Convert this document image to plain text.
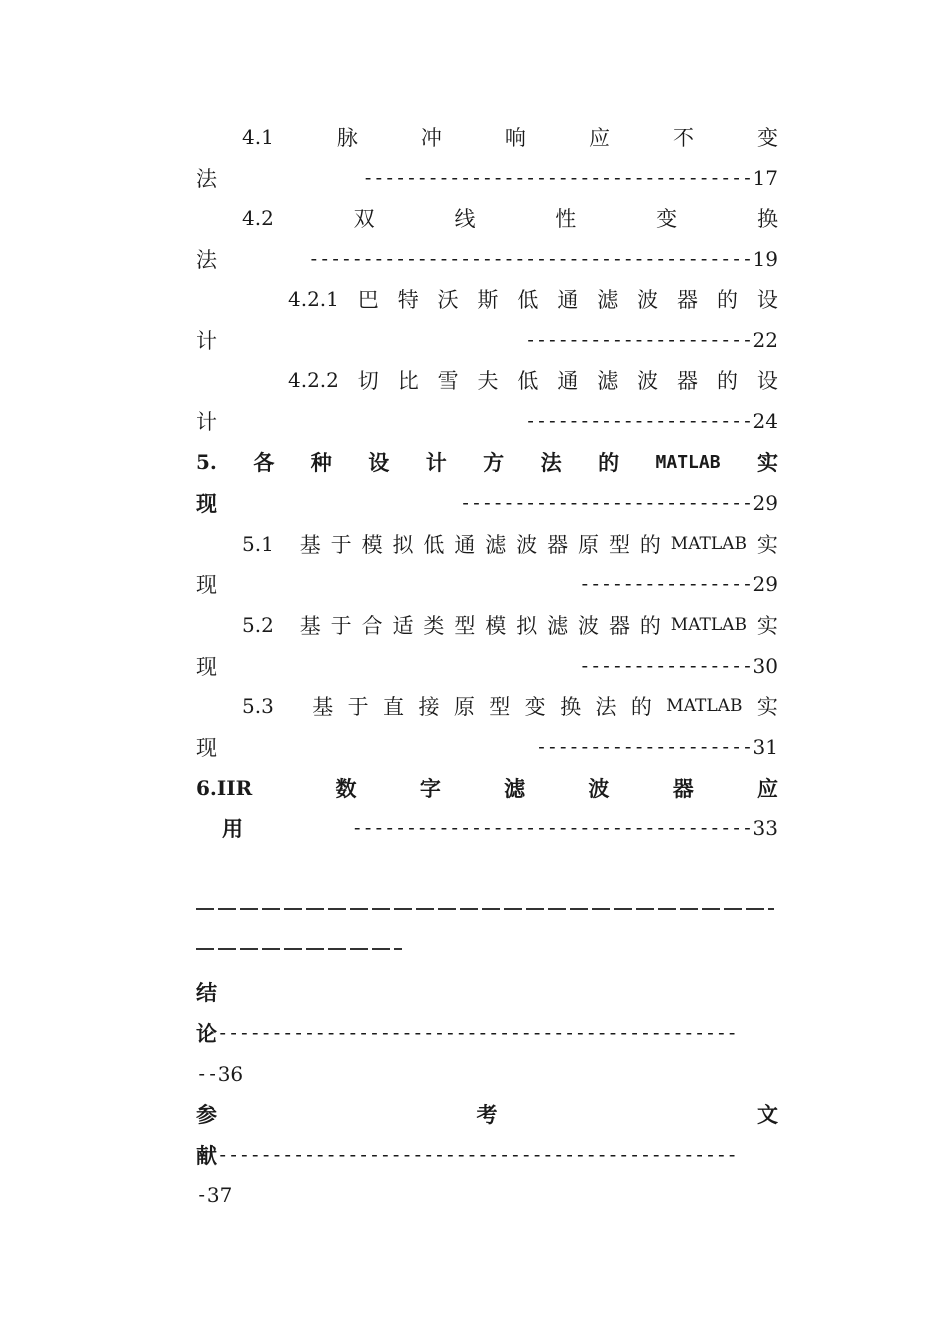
4.1	脉	冲	响	应	不	变
法	------------------------------------ 17
4.2	双	线	性	变	换
法	----------------------------------------- 19
4.2.1 巴 特 沃 斯 低 通 滤 波 器 的 设
计	--------------------- 22
4.2.2 切 比 雪 夫 低 通 滤 波 器 的 设
计	--------------------- 24
5. 各 种 设 计 方 法 的 MATLAB 实
现	--------------------------- 29
5.1 基 于 模 拟 低 通 滤 波 器 原 型 的 MATLAB 实
现	---------------- 29
5.2 基 于 合 适 类 型 模 拟 滤 波 器 的 MATLAB 实
现	---------------- 30
5.3 基 于 直 接 原 型 变 换 法 的 MATLAB 实
现	-------------------- 31
6.IIR	数	字	滤	波	器	应
用	------------------------------------- 33
结
论 ------------------------------------------------
-- 36
参	考	文
献 ------------------------------------------------
- 37
